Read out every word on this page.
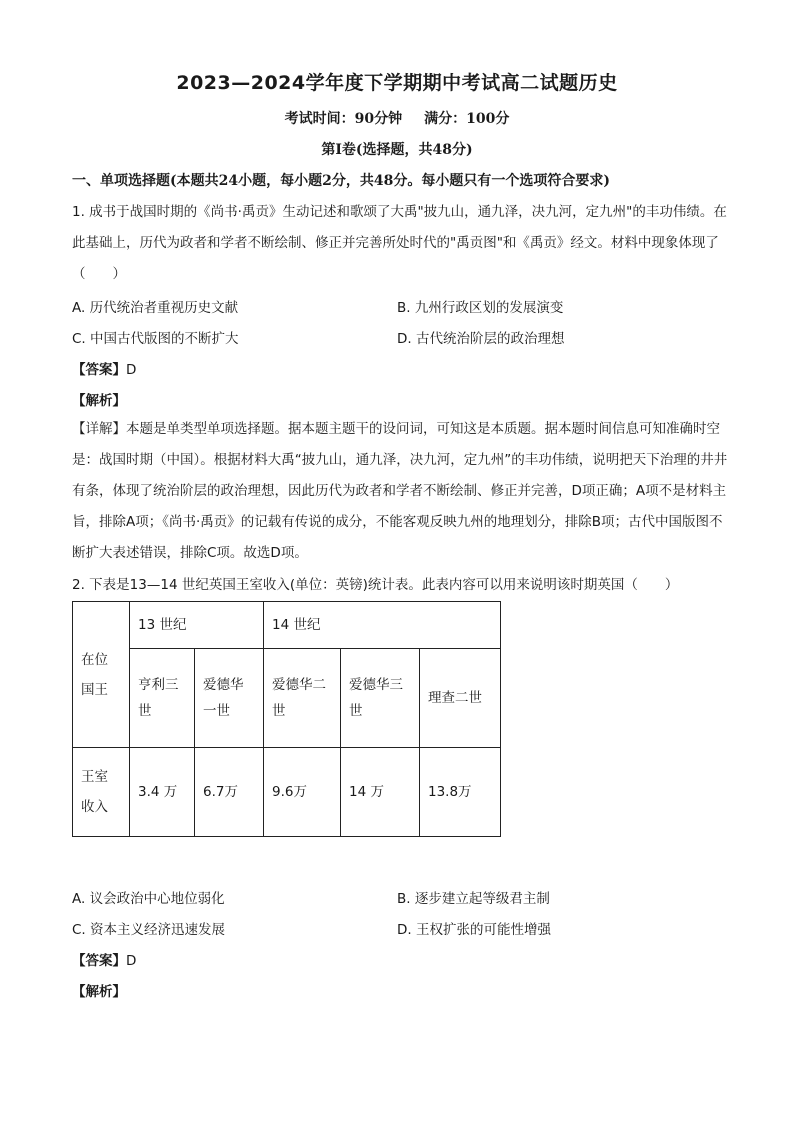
2023—2024学年度下学期期中考试高二试题历史
考试时间：90分钟 满分：100分
第Ⅰ卷(选择题，共48分)
一、单项选择题(本题共24小题，每小题2分，共48分。每小题只有一个选项符合要求)
1. 成书于战国时期的《尚书·禹贡》生动记述和歌颂了大禹"披九山，通九泽，决九河，定九州"的丰功伟绩。在此基础上，历代为政者和学者不断绘制、修正并完善所处时代的"禹贡图"和《禹贡》经文。材料中现象体现了（　　）
A. 历代统治者重视历史文献	B. 九州行政区划的发展演变
C. 中国古代版图的不断扩大	D. 古代统治阶层的政治理想
【答案】D
【解析】
【详解】本题是单类型单项选择题。据本题主题干的设问词，可知这是本质题。据本题时间信息可知准确时空是：战国时期（中国）。根据材料大禹“披九山，通九泽，决九河，定九州”的丰功伟绩，说明把天下治理的井井有条，体现了统治阶层的政治理想，因此历代为政者和学者不断绘制、修正并完善，D项正确；A项不是材料主旨，排除A项；《尚书·禹贡》的记载有传说的成分，不能客观反映九州的地理划分，排除B项；古代中国版图不断扩大表述错误，排除C项。故选D项。
2. 下表是13—14 世纪英国王室收入(单位：英镑)统计表。此表内容可以用来说明该时期英国（　　）
在位国王	13 世纪		14 世纪		
	亨利三世	爱德华一世	爱德华二世	爱德华三世	理查二世
王室收入	3.4 万	6.7万	9.6万	14 万	13.8万
A. 议会政治中心地位弱化	B. 逐步建立起等级君主制
C. 资本主义经济迅速发展	D. 王权扩张的可能性增强
【答案】D
【解析】
